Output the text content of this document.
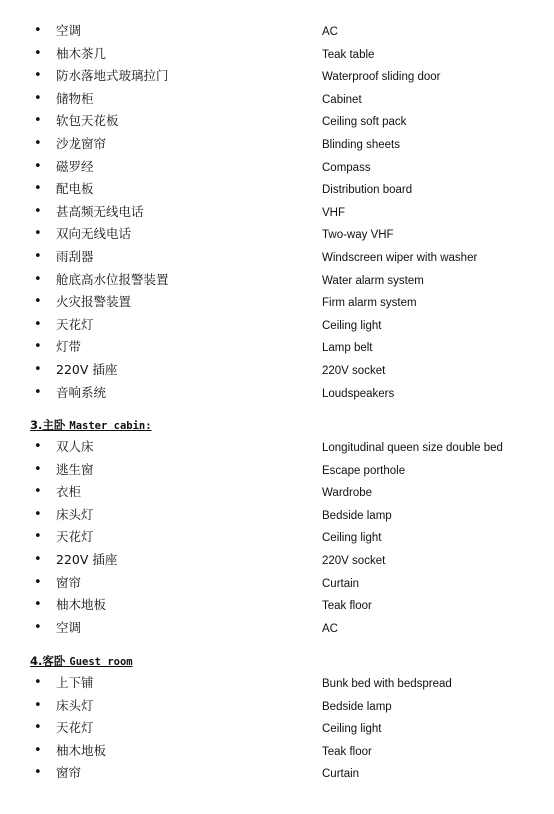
• 空调	AC
• 柚木茶几	Teak table
• 防水落地式玻璃拉门	Waterproof sliding door
• 储物柜	Cabinet
• 软包天花板	Ceiling soft pack
• 沙龙窗帘	Blinding sheets
• 磁罗经	Compass
• 配电板	Distribution board
• 甚高频无线电话	VHF
• 双向无线电话	Two-way VHF
• 雨刮器	Windscreen wiper with washer
• 舱底高水位报警装置	Water alarm system
• 火灾报警装置	Firm alarm system
• 天花灯	Ceiling light
• 灯带	Lamp belt
• 220V 插座	220V socket
• 音响系统	Loudspeakers
3.主卧 Master cabin:
• 双人床	Longitudinal queen size double bed
• 逃生窗	Escape porthole
• 衣柜	Wardrobe
• 床头灯	Bedside lamp
• 天花灯	Ceiling light
• 220V 插座	220V socket
• 窗帘	Curtain
• 柚木地板	Teak floor
• 空调	AC
4.客卧 Guest room
• 上下铺	Bunk bed with bedspread
• 床头灯	Bedside lamp
• 天花灯	Ceiling light
• 柚木地板	Teak floor
• 窗帘	Curtain
